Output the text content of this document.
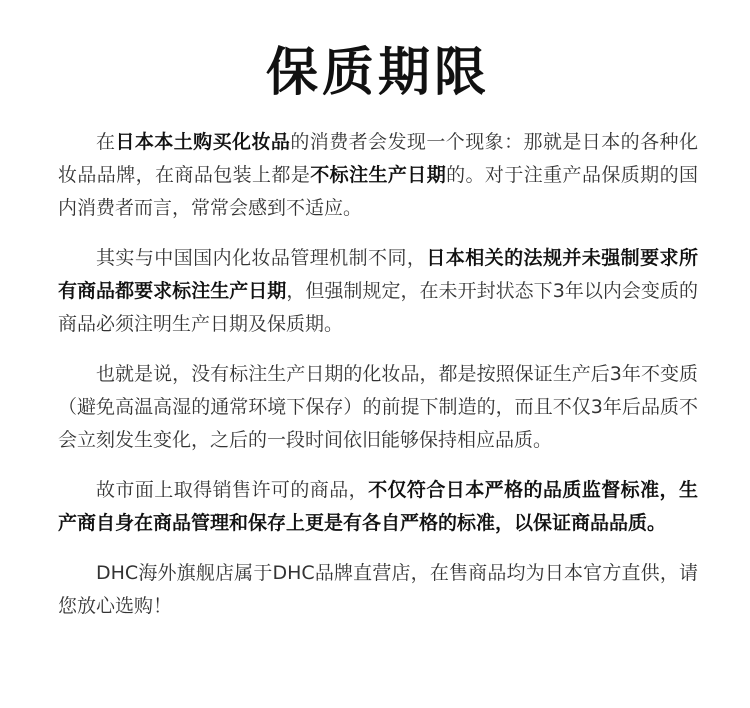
保质期限

在日本本土购买化妆品的消费者会发现一个现象：那就是日本的各种化妆品品牌，在商品包装上都是不标注生产日期的。对于注重产品保质期的国内消费者而言，常常会感到不适应。

其实与中国国内化妆品管理机制不同，日本相关的法规并未强制要求所有商品都要求标注生产日期，但强制规定，在未开封状态下3年以内会变质的商品必须注明生产日期及保质期。

也就是说，没有标注生产日期的化妆品，都是按照保证生产后3年不变质（避免高温高湿的通常环境下保存）的前提下制造的，而且不仅3年后品质不会立刻发生变化，之后的一段时间依旧能够保持相应品质。

故市面上取得销售许可的商品，不仅符合日本严格的品质监督标准，生产商自身在商品管理和保存上更是有各自严格的标准，以保证商品品质。

DHC海外旗舰店属于DHC品牌直营店，在售商品均为日本官方直供，请您放心选购！
